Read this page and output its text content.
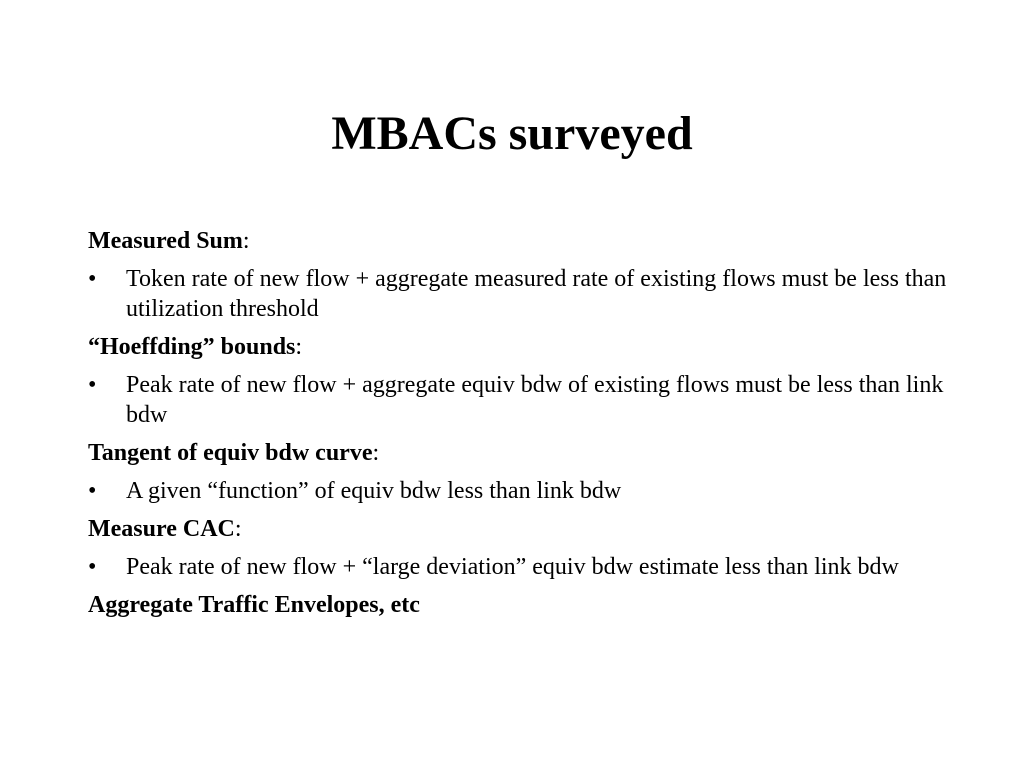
MBACs surveyed

Measured Sum:

• Token rate of new flow + aggregate measured rate of existing flows must be less than utilization threshold

“Hoeffding” bounds:

• Peak rate of new flow + aggregate equiv bdw of existing flows must be less than link bdw

Tangent of equiv bdw curve:

• A given “function” of equiv bdw less than link bdw

Measure CAC:

• Peak rate of new flow + “large deviation” equiv bdw estimate less than link bdw

Aggregate Traffic Envelopes, etc
